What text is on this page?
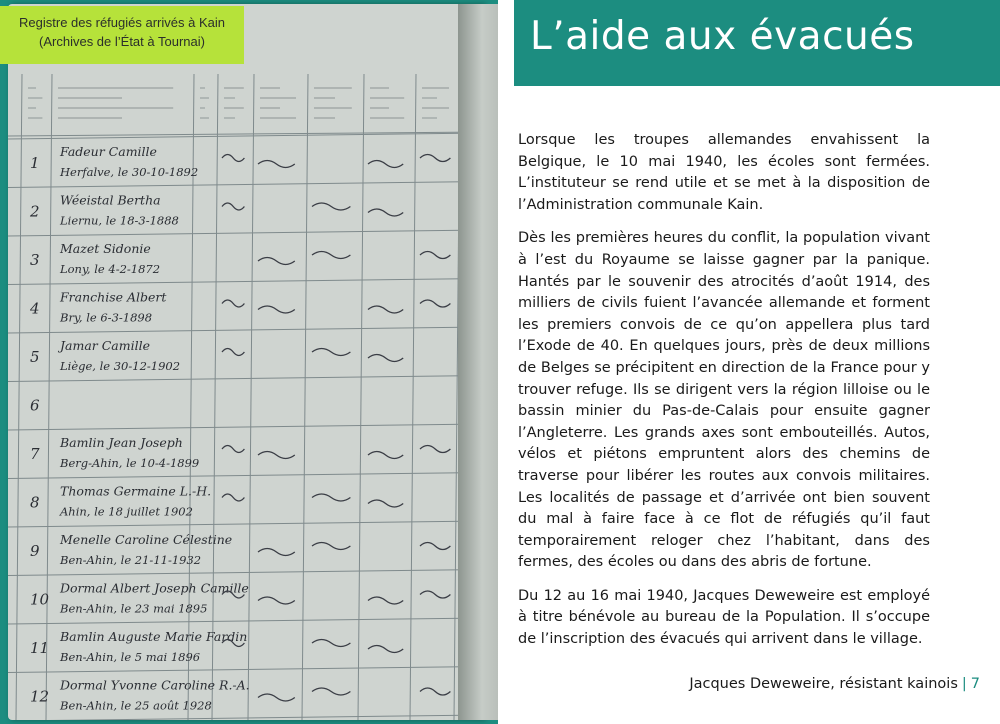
1
Fadeur Camille
Herfalve, le 30-10-1892
2
Wéeistal Bertha
Liernu, le 18-3-1888
3
Mazet Sidonie
Lony, le 4-2-1872
4
Franchise Albert
Bry, le 6-3-1898
5
Jamar Camille
Liège, le 30-12-1902
6
7
Bamlin Jean Joseph
Berg-Ahin, le 10-4-1899
8
Thomas Germaine L.-H.
Ahin, le 18 juillet 1902
9
Menelle Caroline Célestine
Ben-Ahin, le 21-11-1932
10
Dormal Albert Joseph Camille
Ben-Ahin, le 23 mai 1895
11
Bamlin Auguste Marie Fardin
Ben-Ahin, le 5 mai 1896
12
Dormal Yvonne Caroline R.-A.
Ben-Ahin, le 25 août 1928
Registre des réfugiés arrivés à Kain
(Archives de l’État à Tournai)	L’aide aux évacués

Lorsque les troupes allemandes envahissent la Belgique, le 10 mai 1940, les écoles sont fermées. L’instituteur se rend utile et se met à la disposition de l’Administration communale Kain.

Dès les premières heures du conflit, la population vivant à l’est du Royaume se laisse gagner par la panique. Hantés par le souvenir des atrocités d’août 1914, des milliers de civils fuient l’avancée allemande et forment les premiers convois de ce qu’on appellera plus tard l’Exode de 40. En quelques jours, près de deux millions de Belges se précipitent en direction de la France pour y trouver refuge. Ils se dirigent vers la région lilloise ou le bassin minier du Pas-de-Calais pour ensuite gagner l’Angleterre. Les grands axes sont embouteillés. Autos, vélos et piétons empruntent alors des chemins de traverse pour libérer les routes aux convois militaires. Les localités de passage et d’arrivée ont bien souvent du mal à faire face à ce flot de réfugiés qu’il faut temporairement reloger chez l’habitant, dans des fermes, des écoles ou dans des abris de fortune.

Du 12 au 16 mai 1940, Jacques Deweweire est employé à titre bénévole au bureau de la Population. Il s’occupe de l’inscription des évacués qui arrivent dans le village.

Jacques Deweweire, résistant kainois | 7
